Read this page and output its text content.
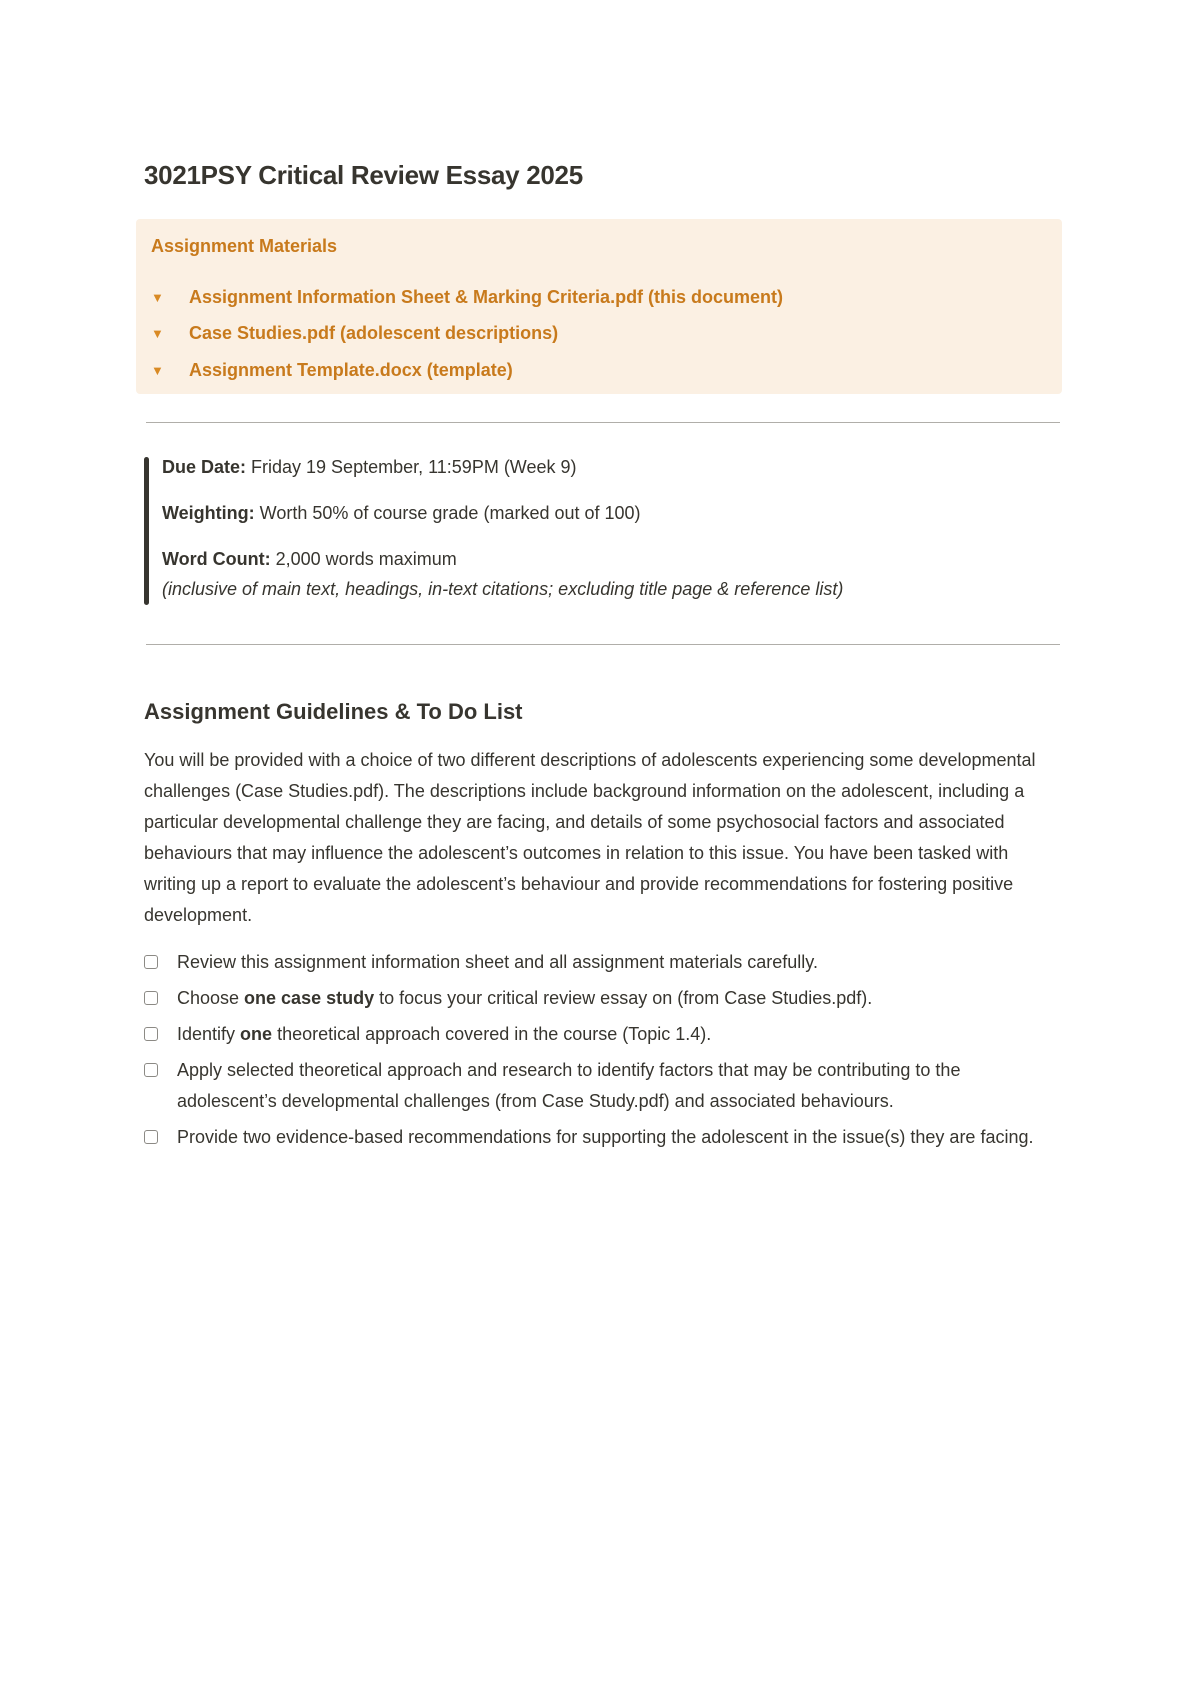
3021PSY Critical Review Essay 2025
Assignment Materials
▼	Assignment Information Sheet & Marking Criteria.pdf (this document)
▼	Case Studies.pdf (adolescent descriptions)
▼	Assignment Template.docx (template)
Due Date: Friday 19 September, 11:59PM (Week 9)
Weighting: Worth 50% of course grade (marked out of 100)
Word Count: 2,000 words maximum
(inclusive of main text, headings, in-text citations; excluding title page & reference list)
Assignment Guidelines & To Do List

You will be provided with a choice of two different descriptions of adolescents experiencing some developmental challenges (Case Studies.pdf). The descriptions include background information on the adolescent, including a particular developmental challenge they are facing, and details of some psychosocial factors and associated behaviours that may influence the adolescent’s outcomes in relation to this issue. You have been tasked with writing up a report to evaluate the adolescent’s behaviour and provide recommendations for fostering positive development.

Review this assignment information sheet and all assignment materials carefully.
Choose one case study to focus your critical review essay on (from Case Studies.pdf).
Identify one theoretical approach covered in the course (Topic 1.4).
Apply selected theoretical approach and research to identify factors that may be contributing to the adolescent’s developmental challenges (from Case Study.pdf) and associated behaviours.
Provide two evidence-based recommendations for supporting the adolescent in the issue(s) they are facing.
